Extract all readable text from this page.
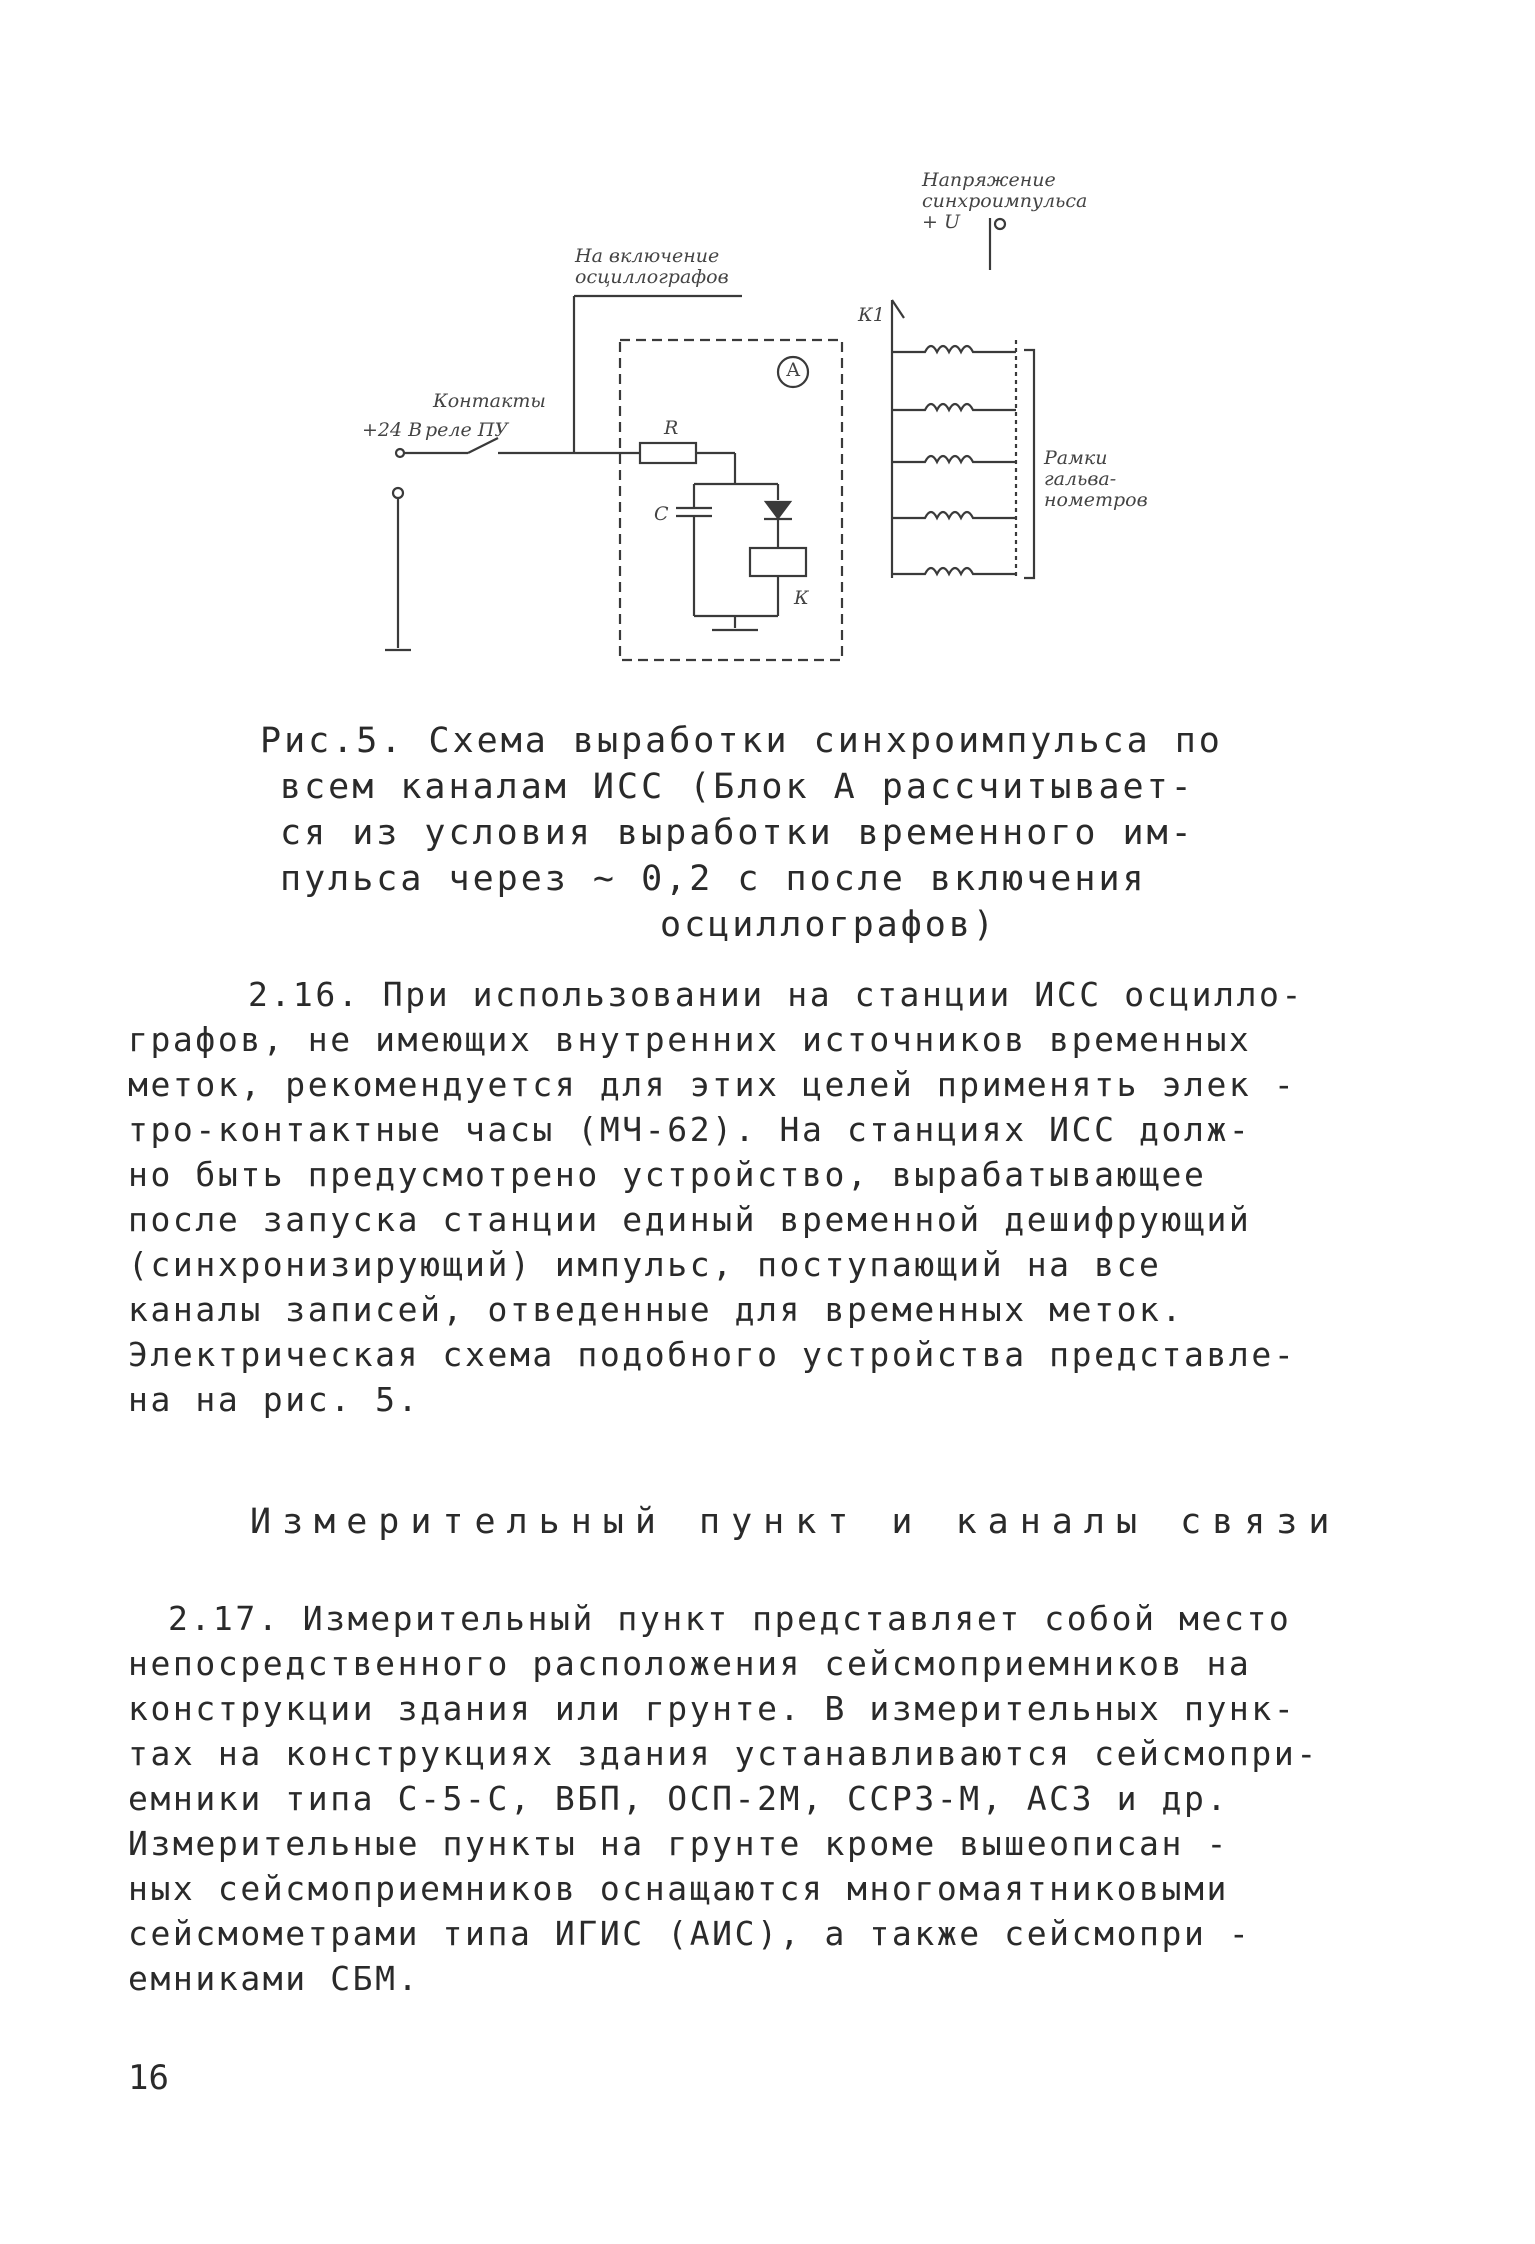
Напряжение
синхроимпульса
+ U
На включение
осциллографов
Контакты
+24 В реле ПУ
А
К1
R
C
К
Рамки
гальва-
нометров
Рис.5. Схема выработки синхроимпульса по
всем каналам ИСС (Блок А рассчитывает-
ся из условия выработки временного им-
пульса через ~ 0,2 с после включения
осциллографов)
2.16. При использовании на станции ИСС осцилло-
графов, не имеющих внутренних источников временных
меток, рекомендуется для этих целей применять элек -
тро-контактные часы (МЧ-62). На станциях ИСС долж-
но быть предусмотрено устройство, вырабатывающее
после запуска станции единый временной дешифрующий
(синхронизирующий) импульс, поступающий на все
каналы записей, отведенные для временных меток.
Электрическая схема подобного устройства представле-
на на рис. 5.
Измерительный пункт и каналы связи
2.17. Измерительный пункт представляет собой место
непосредственного расположения сейсмоприемников на
конструкции здания или грунте. В измерительных пунк-
тах на конструкциях здания устанавливаются сейсмопри-
емники типа С-5-С, ВБП, ОСП-2М, ССРЗ-М, АСЗ и др.
Измерительные пункты на грунте кроме вышеописан -
ных сейсмоприемников оснащаются многомаятниковыми
сейсмометрами типа ИГИС (АИС), а также сейсмопри -
емниками СБМ.
16
